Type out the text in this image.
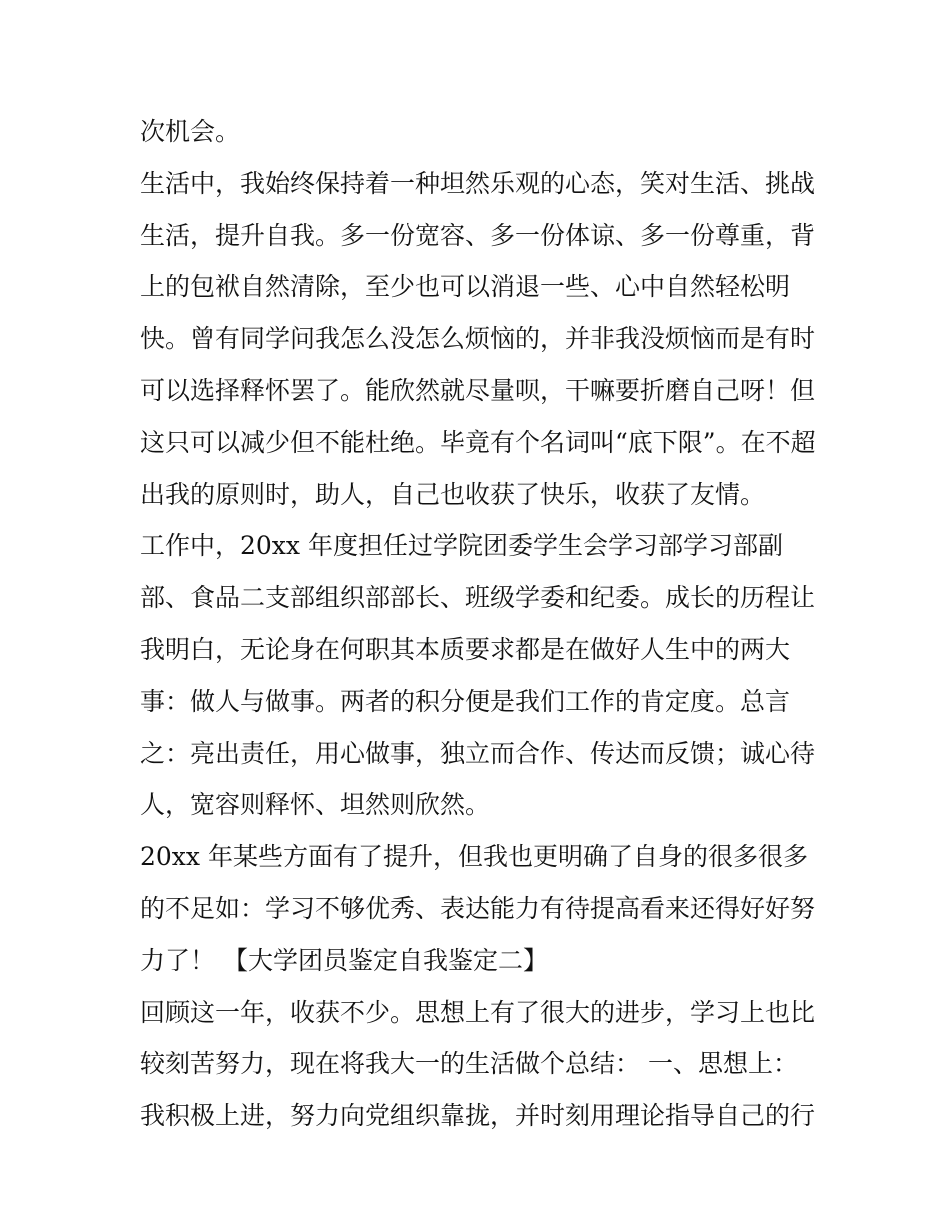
次机会。
生活中，我始终保持着一种坦然乐观的心态，笑对生活、挑战
生活，提升自我。多一份宽容、多一份体谅、多一份尊重，背
上的包袱自然清除，至少也可以消退一些、心中自然轻松明
快。曾有同学问我怎么没怎么烦恼的，并非我没烦恼而是有时
可以选择释怀罢了。能欣然就尽量呗，干嘛要折磨自己呀！但
这只可以减少但不能杜绝。毕竟有个名词叫“底下限”。在不超
出我的原则时，助人，自己也收获了快乐，收获了友情。
工作中，20xx 年度担任过学院团委学生会学习部学习部副
部、食品二支部组织部部长、班级学委和纪委。成长的历程让
我明白，无论身在何职其本质要求都是在做好人生中的两大
事：做人与做事。两者的积分便是我们工作的肯定度。总言
之：亮出责任，用心做事，独立而合作、传达而反馈；诚心待
人，宽容则释怀、坦然则欣然。
20xx 年某些方面有了提升，但我也更明确了自身的很多很多
的不足如：学习不够优秀、表达能力有待提高看来还得好好努
力了！ 【大学团员鉴定自我鉴定二】
回顾这一年，收获不少。思想上有了很大的进步，学习上也比
较刻苦努力，现在将我大一的生活做个总结： 一、思想上：
我积极上进，努力向党组织靠拢，并时刻用理论指导自己的行
